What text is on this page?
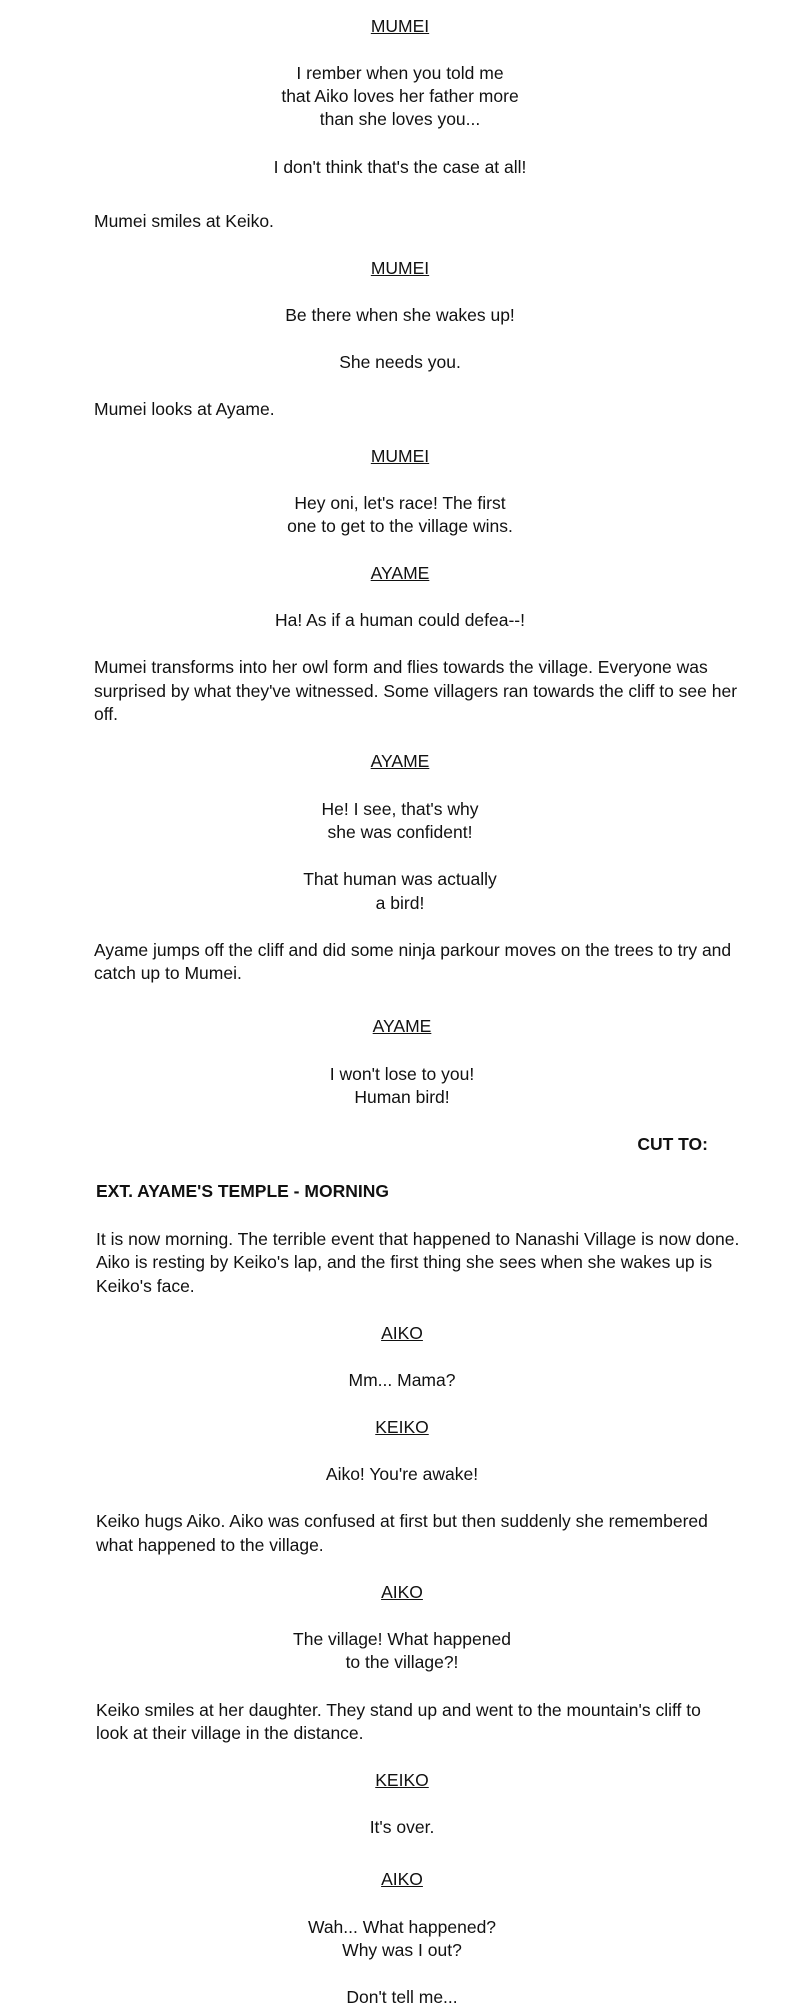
MUMEI
I rember when you told me
that Aiko loves her father more
than she loves you...
I don't think that's the case at all!
Mumei smiles at Keiko.
MUMEI
Be there when she wakes up!
She needs you.
Mumei looks at Ayame.
MUMEI
Hey oni, let's race! The first
one to get to the village wins.
AYAME
Ha! As if a human could defea--!
Mumei transforms into her owl form and flies towards the village. Everyone was
surprised by what they've witnessed. Some villagers ran towards the cliff to see her
off.
AYAME
He! I see, that's why
she was confident!
That human was actually
a bird!
Ayame jumps off the cliff and did some ninja parkour moves on the trees to try and
catch up to Mumei.
AYAME
I won't lose to you!
Human bird!
CUT TO:
EXT. AYAME'S TEMPLE - MORNING
It is now morning. The terrible event that happened to Nanashi Village is now done.
Aiko is resting by Keiko's lap, and the first thing she sees when she wakes up is
Keiko's face.
AIKO
Mm... Mama?
KEIKO
Aiko! You're awake!
Keiko hugs Aiko. Aiko was confused at first but then suddenly she remembered
what happened to the village.
AIKO
The village! What happened
to the village?!
Keiko smiles at her daughter. They stand up and went to the mountain's cliff to
look at their village in the distance.
KEIKO
It's over.
AIKO
Wah... What happened?
Why was I out?
Don't tell me...
